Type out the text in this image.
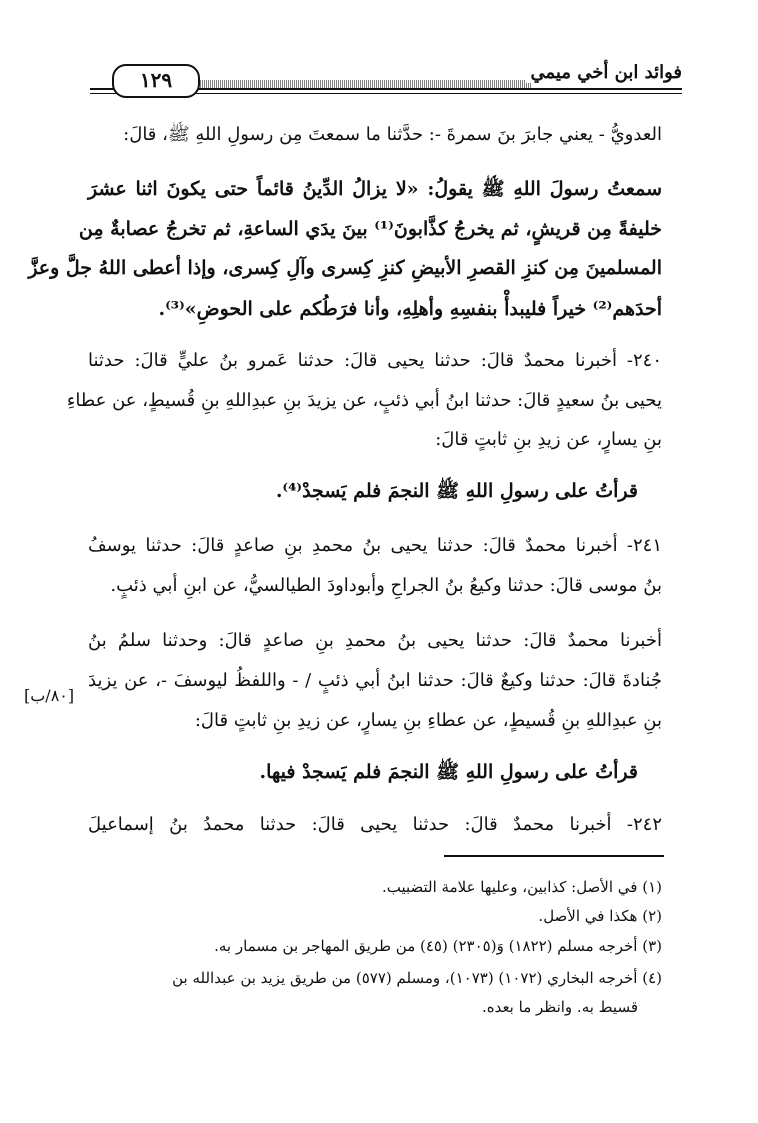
١٢٩	فوائد ابن أخي ميمي
العدويُّ - يعني جابرَ بنَ سمرةَ -: حدَّثنا ما سمعتَ مِن رسولِ اللهِ ﷺ، قالَ:
سمعتُ رسولَ اللهِ ﷺ يقولُ: «لا يزالُ الدِّينُ قائماً حتى يكونَ اثنا عشرَ
خليفةً مِن قريشٍ، ثم يخرجُ كذَّابونَ⁽¹⁾ بينَ يدَي الساعةِ، ثم تخرجُ عصابةٌ مِن
المسلمينَ مِن كنزِ القصرِ الأبيضِ كنزِ كِسرى وآلِ كِسرى، وإذا أعطى اللهُ جلَّ وعزَّ
أحدَهم⁽²⁾ خيراً فليبدأْ بنفسِهِ وأهلِهِ، وأنا فرَطُكم على الحوضِ»⁽³⁾.
٢٤٠- أخبرنا محمدٌ قالَ: حدثنا يحيى قالَ: حدثنا عَمرو بنُ عليٍّ قالَ: حدثنا
يحيى بنُ سعيدٍ قالَ: حدثنا ابنُ أبي ذئبٍ، عن يزيدَ بنِ عبدِاللهِ بنِ قُسيطٍ، عن عطاءِ
بنِ يسارٍ، عن زيدِ بنِ ثابتٍ قالَ:
قرأتُ على رسولِ اللهِ ﷺ النجمَ فلم يَسجدْ⁽⁴⁾.
٢٤١- أخبرنا محمدٌ قالَ: حدثنا يحيى بنُ محمدِ بنِ صاعدٍ قالَ: حدثنا يوسفُ
بنُ موسى قالَ: حدثنا وكيعُ بنُ الجراحِ وأبوداودَ الطيالسيُّ، عن ابنِ أبي ذئبٍ.
أخبرنا محمدٌ قالَ: حدثنا يحيى بنُ محمدِ بنِ صاعدٍ قالَ: وحدثنا سلمُ بنُ
جُنادةَ قالَ: حدثنا وكيعٌ قالَ: حدثنا ابنُ أبي ذئبٍ / - واللفظُ ليوسفَ -، عن يزيدَ
[٨٠/ب]
بنِ عبدِاللهِ بنِ قُسيطٍ، عن عطاءِ بنِ يسارٍ، عن زيدِ بنِ ثابتٍ قالَ:
قرأتُ على رسولِ اللهِ ﷺ النجمَ فلم يَسجدْ فيها.
٢٤٢- أخبرنا محمدٌ قالَ: حدثنا يحيى قالَ: حدثنا محمدُ بنُ إسماعيلَ
(١) في الأصل: كذابين، وعليها علامة التضبيب.
(٢) هكذا في الأصل.
(٣) أخرجه مسلم (١٨٢٢) وَ(٢٣٠٥) (٤٥) من طريق المهاجر بن مسمار به.
(٤) أخرجه البخاري (١٠٧٢) (١٠٧٣)، ومسلم (٥٧٧) من طريق يزيد بن عبدالله بن
قسيط به. وانظر ما بعده.
